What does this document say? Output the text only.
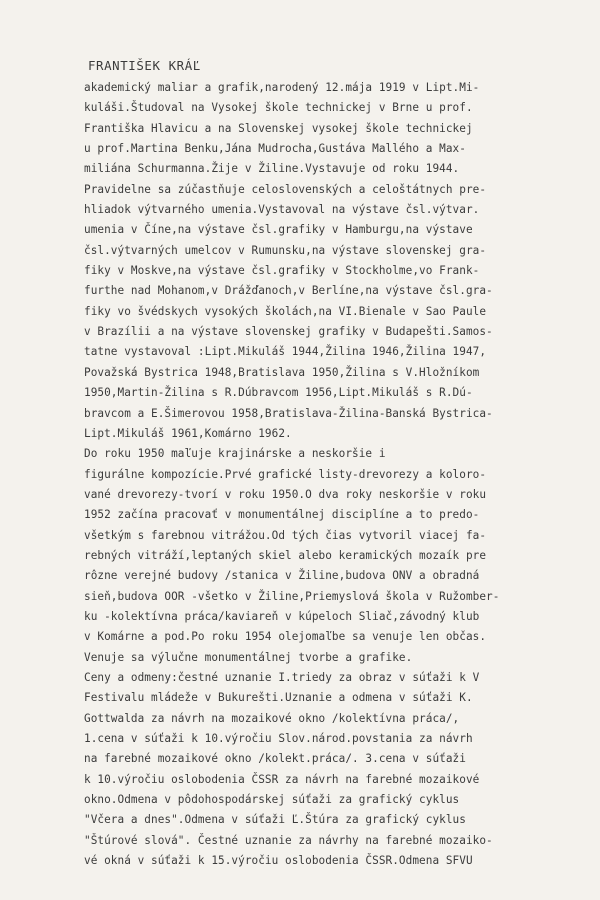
FRANTIŠEK KRÁĽ
akademický maliar a grafik,narodený 12.mája 1919 v Lipt.Mi-
kuláši.Študoval na Vysokej škole technickej v Brne u prof.
Františka Hlavicu a na Slovenskej vysokej škole technickej
u prof.Martina Benku,Jána Mudrocha,Gustáva Malléhо a Max-
miliána Schurmanna.Žije v Žiline.Vystavuje od roku 1944.
Pravidelne sa zúčastňuje celoslovenských a celoštátnych pre-
hliadok výtvarného umenia.Vystavoval na výstave čsl.výtvar.
umenia v Číne,na výstave čsl.grafiky v Hamburgu,na výstave
čsl.výtvarných umelcov v Rumunsku,na výstave slovenskej gra-
fiky v Moskve,na výstave čsl.grafiky v Stockholme,vo Frank-
furthe nad Mohanom,v Drážďanoch,v Berlíne,na výstave čsl.gra-
fiky vo švédskych vysokých školách,na VI.Bienale v Sao Paule
v Brazílii a na výstave slovenskej grafiky v Budapešti.Samos-
tatne vystavoval :Lipt.Mikuláš 1944,Žilina 1946,Žilina 1947,
Považská Bystrica 1948,Bratislava 1950,Žilina s V.Hložníkom
1950,Martin-Žilina s R.Dúbravcom 1956,Lipt.Mikuláš s R.Dú-
bravcom a E.Šimerovou 1958,Bratislava-Žilina-Banská Bystrica-
Lipt.Mikuláš 1961,Komárno 1962.
Do roku 1950 maľuje krajinárske a neskoršie i
figurálne kompozície.Prvé grafické listy-drevorezy a koloro-
vané drevorezy-tvorí v roku 1950.O dva roky neskoršie v roku
1952 začína pracovať v monumentálnej disciplíne a to predo-
všetkým s farebnou vitrážou.Od tých čias vytvoril viacej fa-
rebných vitráží,leptaných skiel alebo keramických mozaík pre
rôzne verejné budovy /stanica v Žiline,budova ONV a obradná
sieň,budova OOR -všetko v Žiline,Priemyslová škola v Ružomber-
ku -kolektívna práca/kaviareň v kúpeloch Sliač,závodný klub
v Komárne a pod.Po roku 1954 olejomaľbe sa venuje len občas.
Venuje sa výlučne monumentálnej tvorbe a grafike.
Ceny a odmeny:čestné uznanie I.triedy za obraz v súťaži k V
Festivalu mládeže v Bukurešti.Uznanie a odmena v súťaži K.
Gottwalda za návrh na mozaikové okno /kolektívna práca/,
1.cena v súťaži k 10.výročiu Slov.národ.povstania za návrh
na farebné mozaikové okno /kolekt.práca/. 3.cena v súťaži
k 10.výročiu oslobodenia ČSSR za návrh na farebné mozaikové
okno.Odmena v pôdohospodárskej súťaži za grafický cyklus
"Včera a dnes".Odmena v súťaži Ľ.Štúra za grafický cyklus
"Štúrové slová". Čestné uznanie za návrhy na farebné mozaiko-
vé okná v súťaži k 15.výročiu oslobodenia ČSSR.Odmena SFVU
